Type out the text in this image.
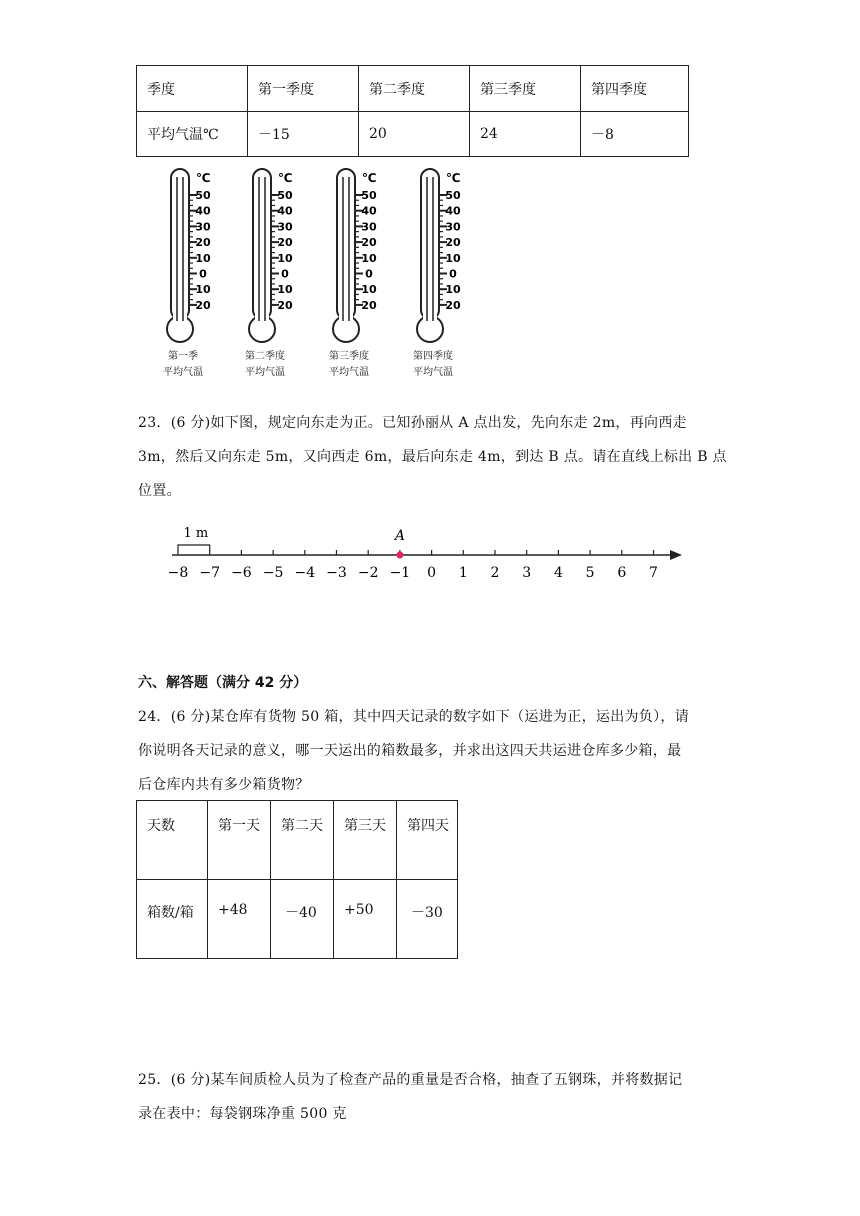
季度	第一季度	第二季度	第三季度	第四季度
平均气温℃	－15	20	24	－8
℃
50
40
30
20
10
0
10
20
第一季
平均气温
℃
50
40
30
20
10
0
10
20
第二季度
平均气温
℃
50
40
30
20
10
0
10
20
第三季度
平均气温
℃
50
40
30
20
10
0
10
20
第四季度
平均气温
23．(6 分)如下图，规定向东走为正。已知孙丽从 A 点出发，先向东走 2m，再向西走
3m，然后又向东走 5m，又向西走 6m，最后向东走 4m，到达 B 点。请在直线上标出 B 点
位置。
−8 −7 −6 −5 −4 −3 −2 −1 0 1 2 3 4 5 6 7
1 m	A
六、解答题（满分 42 分）
24．(6 分)某仓库有货物 50 箱，其中四天记录的数字如下（运进为正，运出为负），请
你说明各天记录的意义，哪一天运出的箱数最多，并求出这四天共运进仓库多少箱，最
后仓库内共有多少箱货物？
天数	第一天	第二天	第三天	第四天
箱数/箱	+48	－40	+50	－30
25．(6 分)某车间质检人员为了检查产品的重量是否合格，抽查了五钢珠，并将数据记
录在表中：每袋钢珠净重 500 克
